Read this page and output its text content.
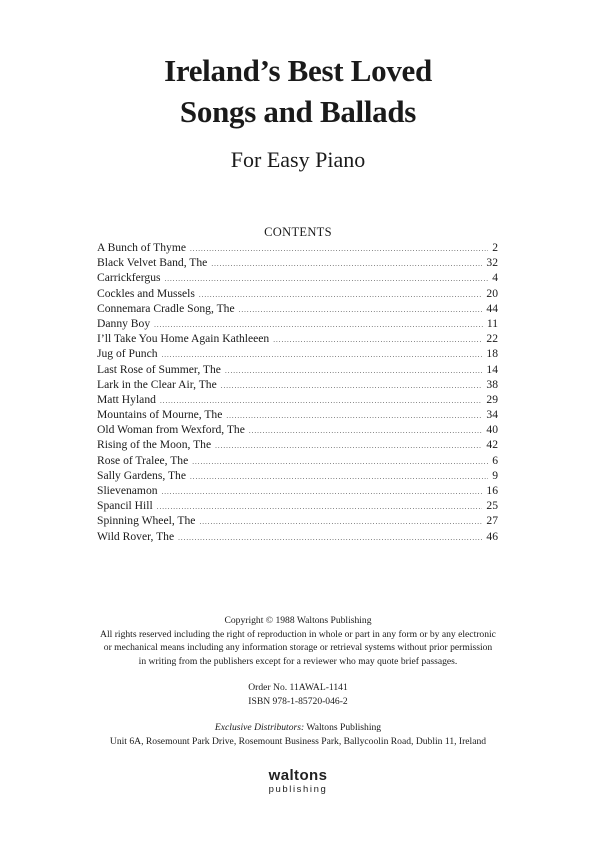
Ireland’s Best Loved
Songs and Ballads
For Easy Piano
CONTENTS
A Bunch of Thyme .....	2
Black Velvet Band, The .....	32
Carrickfergus .....	4
Cockles and Mussels .....	20
Connemara Cradle Song, The .....	44
Danny Boy .....	11
I’ll Take You Home Again Kathleeen .....	22
Jug of Punch .....	18
Last Rose of Summer, The .....	14
Lark in the Clear Air, The .....	38
Matt Hyland .....	29
Mountains of Mourne, The .....	34
Old Woman from Wexford, The .....	40
Rising of the Moon, The .....	42
Rose of Tralee, The .....	6
Sally Gardens, The .....	9
Slievenamon .....	16
Spancil Hill .....	25
Spinning Wheel, The .....	27
Wild Rover, The .....	46

Copyright © 1988 Waltons Publishing

All rights reserved including the right of reproduction in whole or part in any form or by any electronic

or mechanical means including any information storage or retrieval systems without prior permission

in writing from the publishers except for a reviewer who may quote brief passages.

Order No. 11AWAL-1141

ISBN 978-1-85720-046-2

Exclusive Distributors: Waltons Publishing

Unit 6A, Rosemount Park Drive, Rosemount Business Park, Ballycoolin Road, Dublin 11, Ireland

waltons
publishing
